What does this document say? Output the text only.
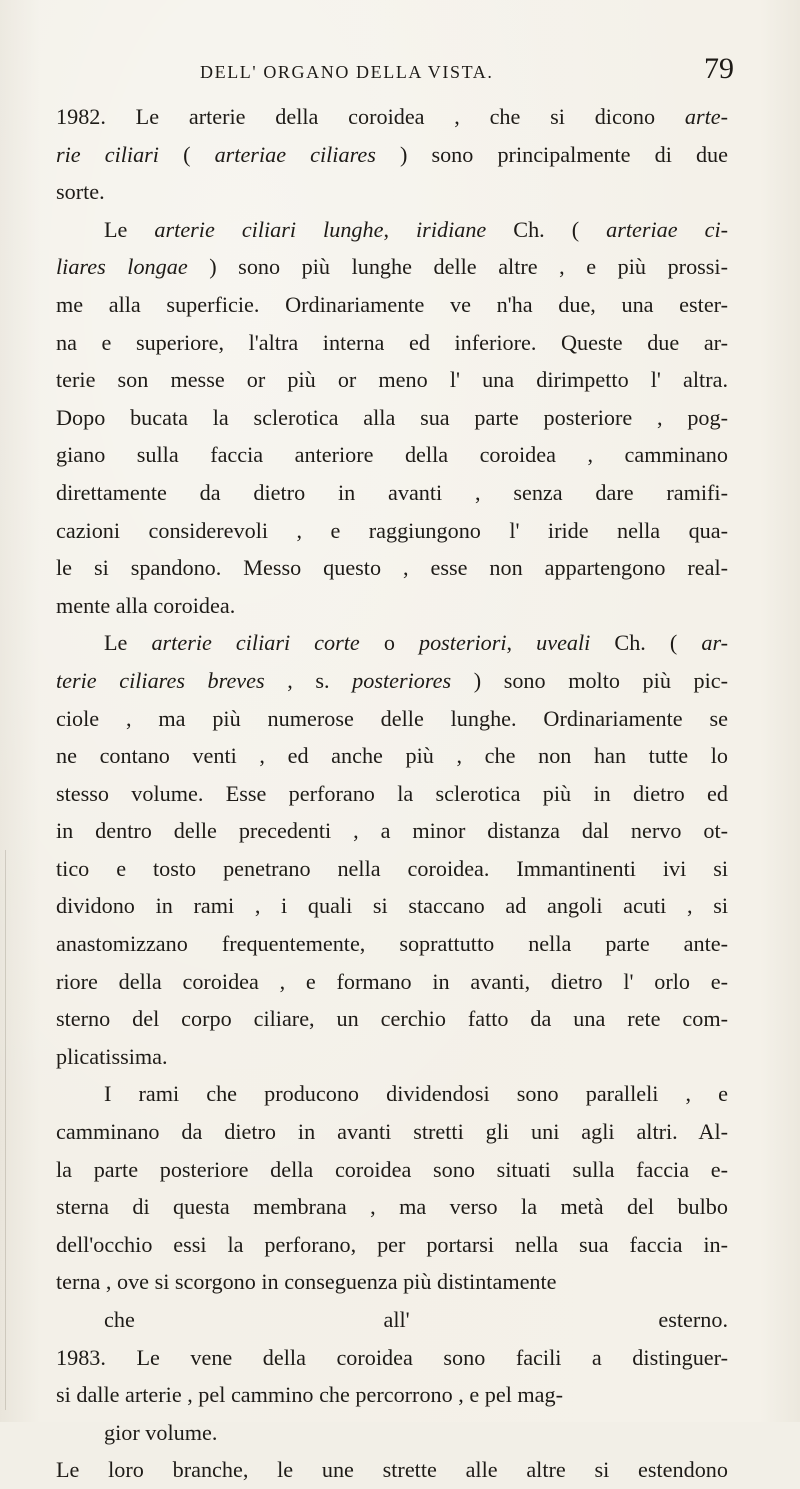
DELL' ORGANO DELLA VISTA.	79
1982. Le arterie della coroidea , che si dicono arte-
rie ciliari ( arteriae ciliares ) sono principalmente di due
sorte.
Le arterie ciliari lunghe, iridiane Ch. ( arteriae ci-
liares longae ) sono più lunghe delle altre , e più prossi-
me alla superficie. Ordinariamente ve n'ha due, una ester-
na e superiore, l'altra interna ed inferiore. Queste due ar-
terie son messe or più or meno l' una dirimpetto l' altra.
Dopo bucata la sclerotica alla sua parte posteriore , pog-
giano sulla faccia anteriore della coroidea , camminano
direttamente da dietro in avanti , senza dare ramifi-
cazioni considerevoli , e raggiungono l' iride nella qua-
le si spandono. Messo questo , esse non appartengono real-
mente alla coroidea.
Le arterie ciliari corte o posteriori, uveali Ch. ( ar-
terie ciliares breves , s. posteriores ) sono molto più pic-
ciole , ma più numerose delle lunghe. Ordinariamente se
ne contano venti , ed anche più , che non han tutte lo
stesso volume. Esse perforano la sclerotica più in dietro ed
in dentro delle precedenti , a minor distanza dal nervo ot-
tico e tosto penetrano nella coroidea. Immantinenti ivi si
dividono in rami , i quali si staccano ad angoli acuti , si
anastomizzano frequentemente, soprattutto nella parte ante-
riore della coroidea , e formano in avanti, dietro l' orlo e-
sterno del corpo ciliare, un cerchio fatto da una rete com-
plicatissima.
I rami che producono dividendosi sono paralleli , e
camminano da dietro in avanti stretti gli uni agli altri. Al-
la parte posteriore della coroidea sono situati sulla faccia e-
sterna di questa membrana , ma verso la metà del bulbo
dell'occhio essi la perforano, per portarsi nella sua faccia in-
terna , ove si scorgono in conseguenza più distintamente
che all' esterno.
1983. Le vene della coroidea sono facili a distinguer-
si dalle arterie , pel cammino che percorrono , e pel mag-
gior volume.
Le loro branche, le une strette alle altre si estendono
